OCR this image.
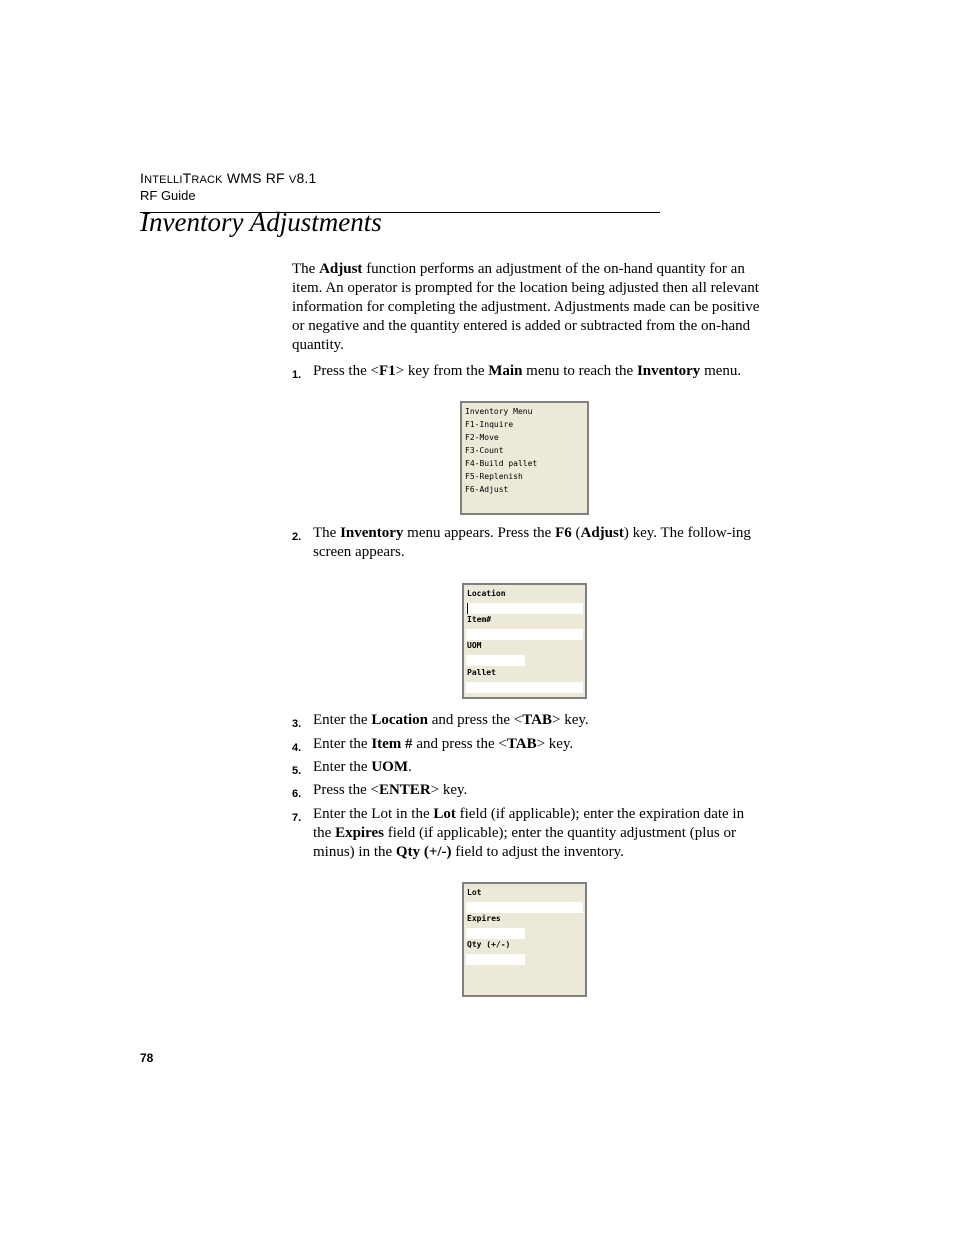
INTELLITRACK WMS RF V8.1
RF Guide
Inventory Adjustments
The Adjust function performs an adjustment of the on-hand quantity for an item. An operator is prompted for the location being adjusted then all relevant information for completing the adjustment. Adjustments made can be positive or negative and the quantity entered is added or subtracted from the on-hand quantity.
1. Press the <F1> key from the Main menu to reach the Inventory menu.
Inventory Menu
F1-Inquire
F2-Move
F3-Count
F4-Build pallet
F5-Replenish
F6-Adjust
2. The Inventory menu appears. Press the F6 (Adjust) key. The follow-ing screen appears.
Location
Item#
UOM
Pallet
3. Enter the Location and press the <TAB> key.
4. Enter the Item # and press the <TAB> key.
5. Enter the UOM.
6. Press the <ENTER> key.
7. Enter the Lot in the Lot field (if applicable); enter the expiration date in the Expires field (if applicable); enter the quantity adjustment (plus or minus) in the Qty (+/-) field to adjust the inventory.
Lot
Expires
Qty (+/-)
78
